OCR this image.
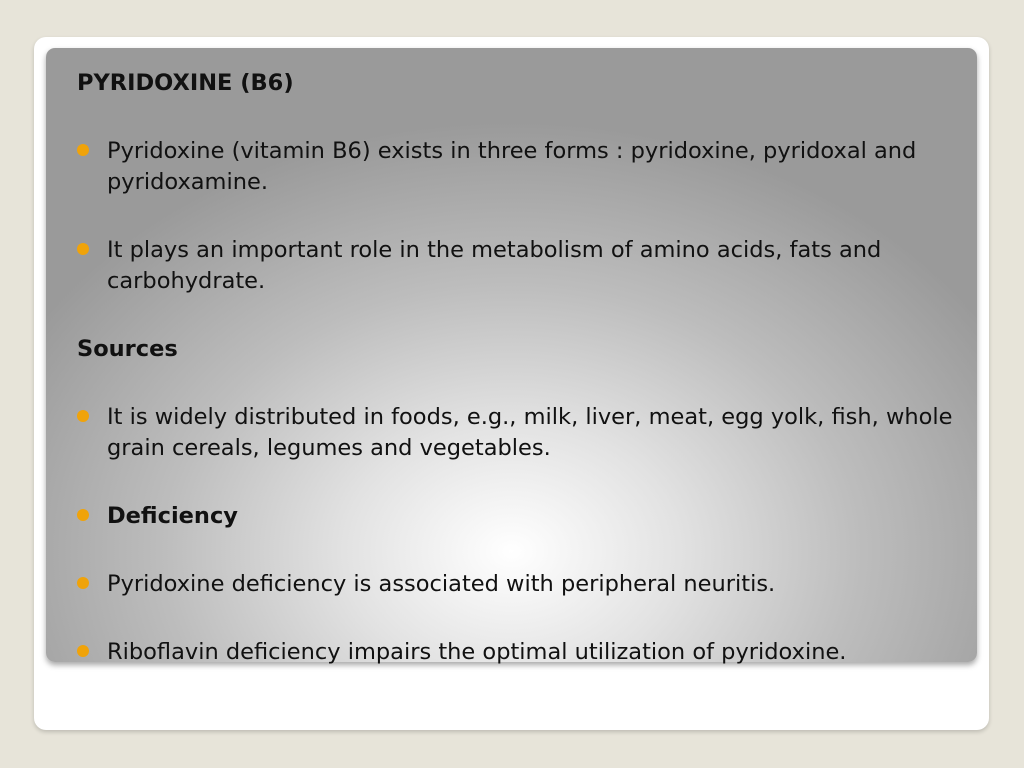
PYRIDOXINE (B6)

Pyridoxine (vitamin B6) exists in three forms : pyridoxine, pyridoxal and pyridoxamine.

It plays an important role in the metabolism of amino acids, fats and carbohydrate.

Sources

It is widely distributed in foods, e.g., milk, liver, meat, egg yolk, fish, whole grain cereals, legumes and vegetables.

Deficiency

Pyridoxine deficiency is associated with peripheral neuritis.

Riboflavin deficiency impairs the optimal utilization of pyridoxine.
